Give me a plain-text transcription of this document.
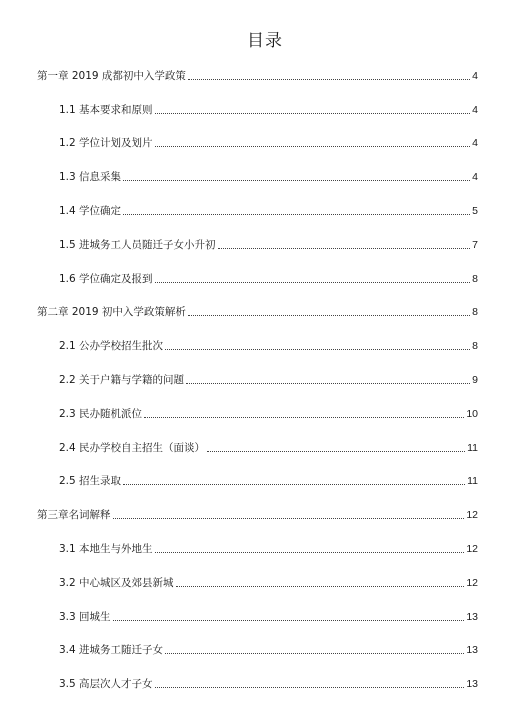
目录
第一章 2019 成都初中入学政策	4
1.1 基本要求和原则	4
1.2 学位计划及划片	4
1.3 信息采集	4
1.4 学位确定	5
1.5 进城务工人员随迁子女小升初	7
1.6 学位确定及报到	8
第二章 2019 初中入学政策解析	8
2.1 公办学校招生批次	8
2.2 关于户籍与学籍的问题	9
2.3 民办随机派位	10
2.4 民办学校自主招生（面谈）	11
2.5 招生录取	11
第三章名词解释	12
3.1 本地生与外地生	12
3.2 中心城区及郊县新城	12
3.3 回城生	13
3.4 进城务工随迁子女	13
3.5 高层次人才子女	13
